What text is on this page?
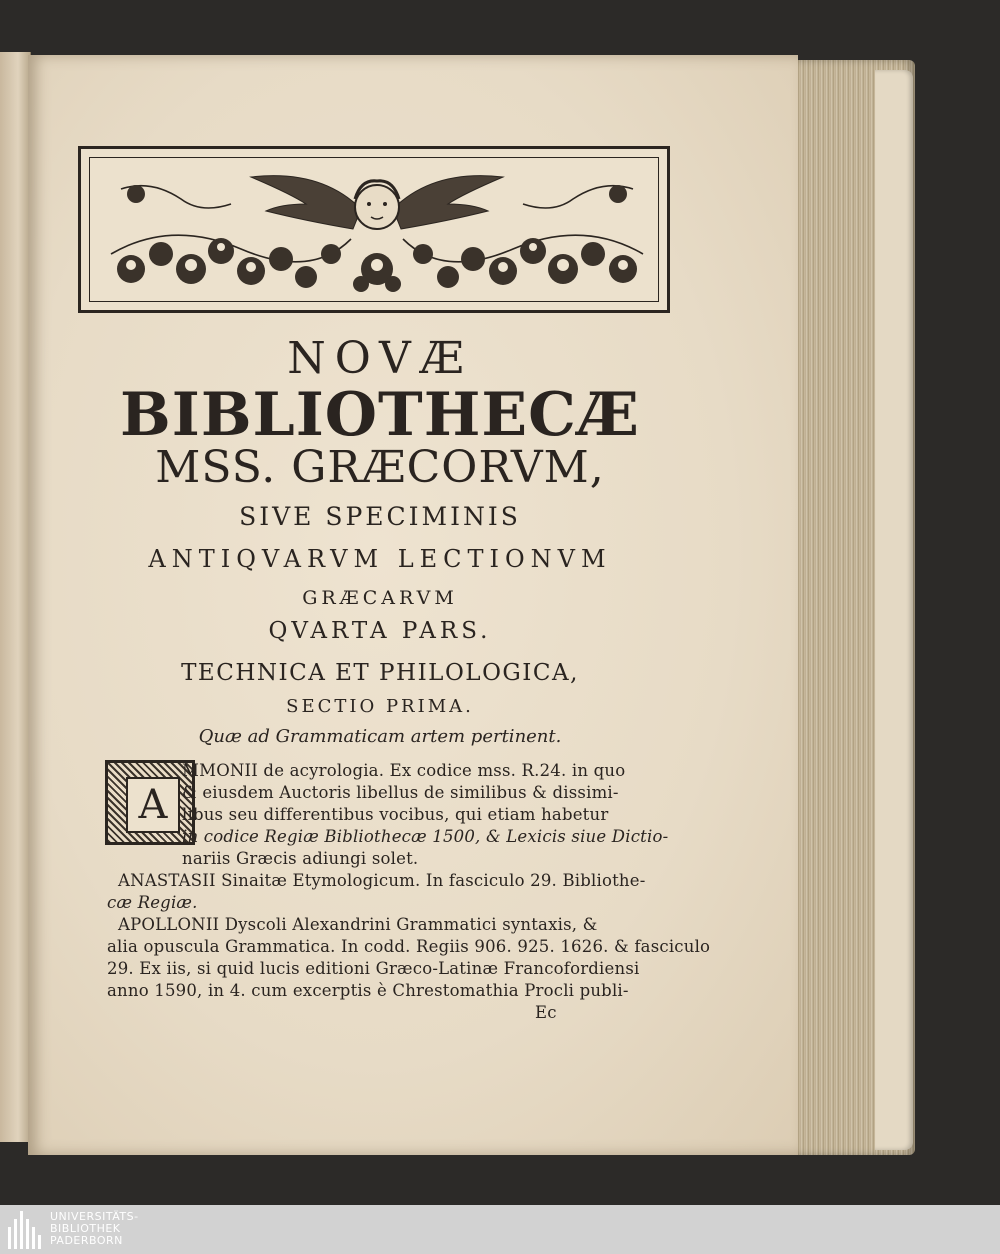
NOVÆ
BIBLIOTHECÆ
MSS. GRÆCORVM,
SIVE SPECIMINIS
ANTIQVARVM LECTIONVM
GRÆCARVM
QVARTA PARS.
TECHNICA ET PHILOLOGICA,
SECTIO PRIMA.
Quæ ad Grammaticam artem pertinent.
A
MMONII de acyrologia. Ex codice mss. R.24. in quo
& eiusdem Auctoris libellus de similibus & dissimi-
libus seu differentibus vocibus, qui etiam habetur
in codice Regiæ Bibliothecæ 1500, & Lexicis siue Dictio-
nariis Græcis adiungi solet.
ANASTASII Sinaitæ Etymologicum. In fasciculo 29. Bibliothe-
cæ Regiæ.
APOLLONII Dyscoli Alexandrini Grammatici syntaxis, &
alia opuscula Grammatica. In codd. Regiis 906. 925. 1626. & fasciculo
29. Ex iis, si quid lucis editioni Græco-Latinæ Francofordiensi
anno 1590, in 4. cum excerptis è Chrestomathia Procli publi-
Ec
UNIVERSITÄTS-
BIBLIOTHEK
PADERBORN
